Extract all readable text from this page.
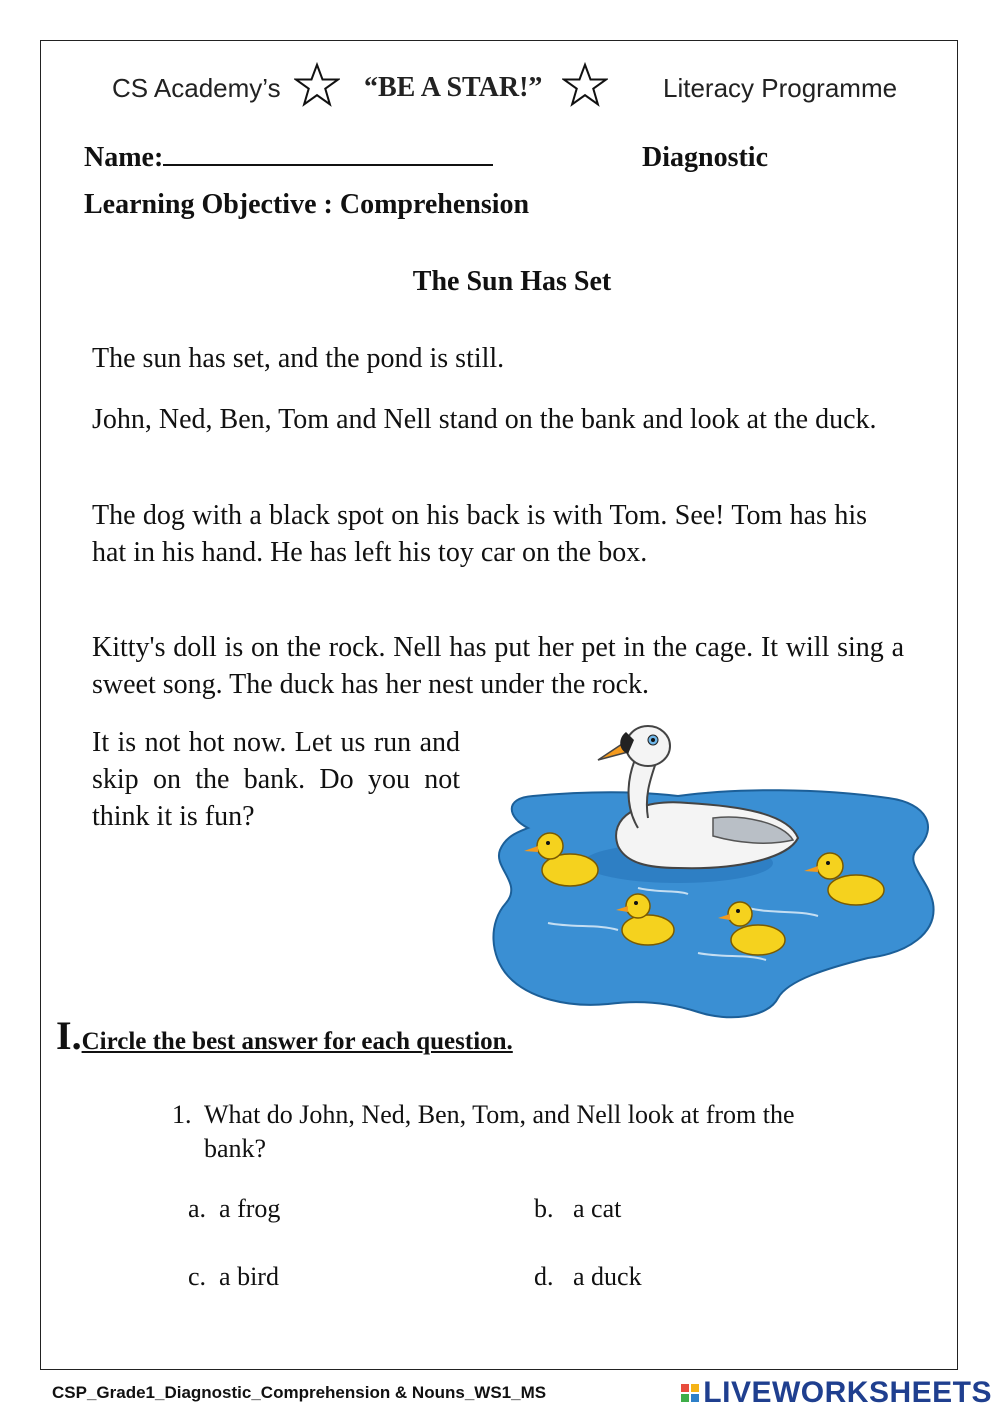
CS Academy’s	“BE A STAR!”	Literacy Programme
Name:	Diagnostic
Learning Objective : Comprehension
The Sun Has Set
The sun has set, and the pond is still.
John, Ned, Ben, Tom and Nell stand on the bank and look at the duck.
The dog with a black spot on his back is with Tom. See! Tom has his hat in his hand. He has left his toy car on the box.
Kitty's doll is on the rock. Nell has put her pet in the cage. It will sing a sweet song. The duck has her nest under the rock.
It is not hot now. Let us run and skip on the bank. Do you not think it is fun?
I.Circle the best answer for each question.
1. What do John, Ned, Ben, Tom, and Nell look at from the bank?
a. a frog	b. a cat
c. a bird	d. a duck
CSP_Grade1_Diagnostic_Comprehension & Nouns_WS1_MS	LIVEWORKSHEETS
